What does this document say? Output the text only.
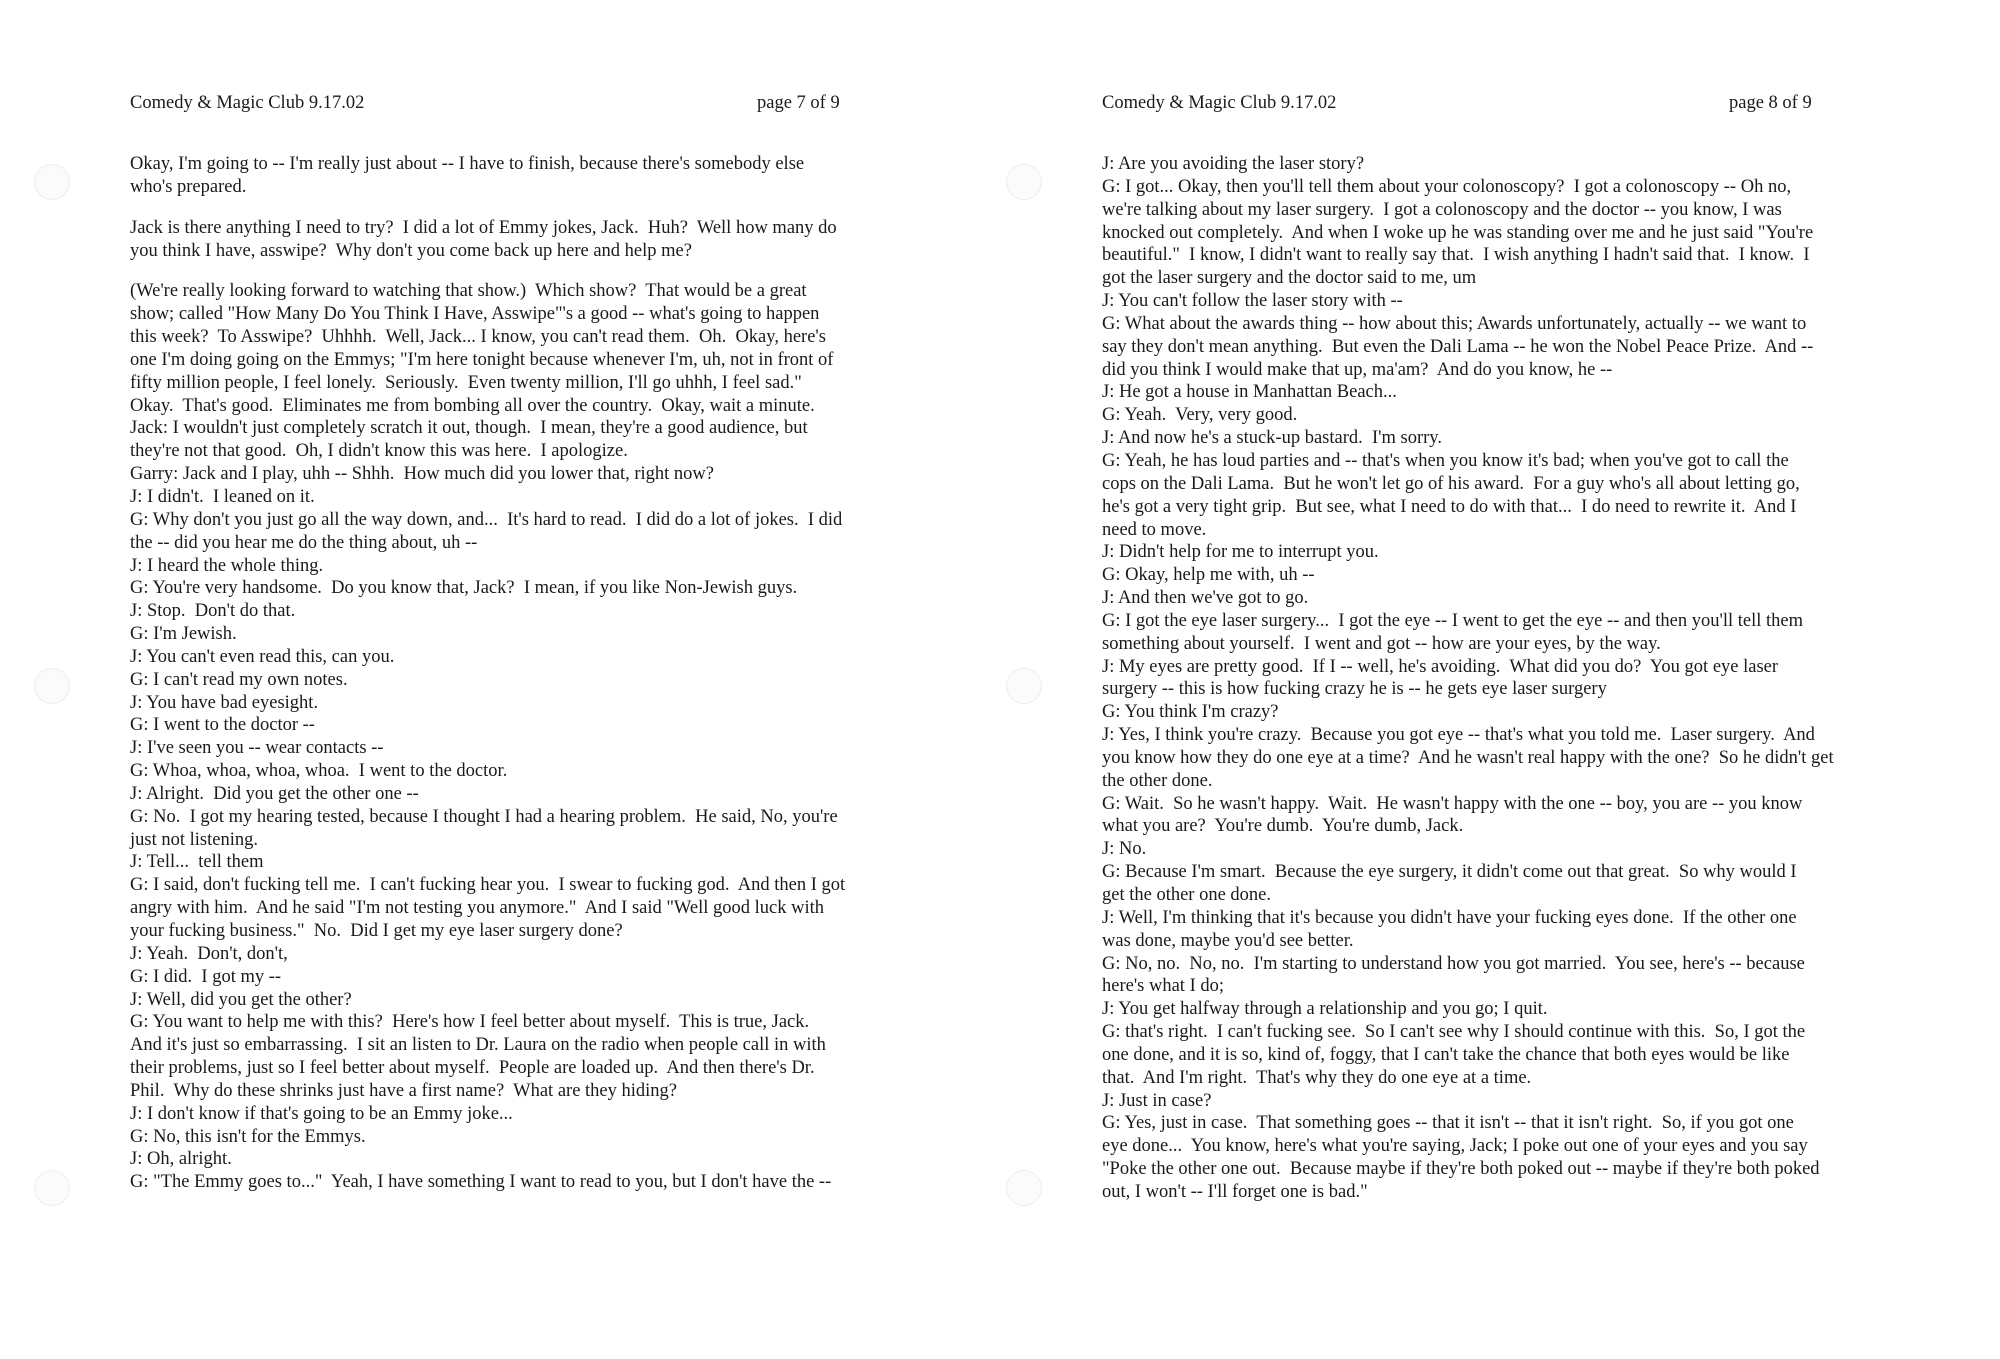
Comedy & Magic Club 9.17.02	page 7 of 9
Okay, I'm going to -- I'm really just about -- I have to finish, because there's somebody else
who's prepared.
Jack is there anything I need to try?  I did a lot of Emmy jokes, Jack.  Huh?  Well how many do
you think I have, asswipe?  Why don't you come back up here and help me?
(We're really looking forward to watching that show.)  Which show?  That would be a great
show; called "How Many Do You Think I Have, Asswipe"'s a good -- what's going to happen
this week?  To Asswipe?  Uhhhh.  Well, Jack... I know, you can't read them.  Oh.  Okay, here's
one I'm doing going on the Emmys; "I'm here tonight because whenever I'm, uh, not in front of
fifty million people, I feel lonely.  Seriously.  Even twenty million, I'll go uhhh, I feel sad."
Okay.  That's good.  Eliminates me from bombing all over the country.  Okay, wait a minute.
Jack: I wouldn't just completely scratch it out, though.  I mean, they're a good audience, but
they're not that good.  Oh, I didn't know this was here.  I apologize.
Garry: Jack and I play, uhh -- Shhh.  How much did you lower that, right now?
J: I didn't.  I leaned on it.
G: Why don't you just go all the way down, and...  It's hard to read.  I did do a lot of jokes.  I did
the -- did you hear me do the thing about, uh --
J: I heard the whole thing.
G: You're very handsome.  Do you know that, Jack?  I mean, if you like Non-Jewish guys.
J: Stop.  Don't do that.
G: I'm Jewish.
J: You can't even read this, can you.
G: I can't read my own notes.
J: You have bad eyesight.
G: I went to the doctor --
J: I've seen you -- wear contacts --
G: Whoa, whoa, whoa, whoa.  I went to the doctor.
J: Alright.  Did you get the other one --
G: No.  I got my hearing tested, because I thought I had a hearing problem.  He said, No, you're
just not listening.
J: Tell...  tell them
G: I said, don't fucking tell me.  I can't fucking hear you.  I swear to fucking god.  And then I got
angry with him.  And he said "I'm not testing you anymore."  And I said "Well good luck with
your fucking business."  No.  Did I get my eye laser surgery done?
J: Yeah.  Don't, don't,
G: I did.  I got my --
J: Well, did you get the other?
G: You want to help me with this?  Here's how I feel better about myself.  This is true, Jack.
And it's just so embarrassing.  I sit an listen to Dr. Laura on the radio when people call in with
their problems, just so I feel better about myself.  People are loaded up.  And then there's Dr.
Phil.  Why do these shrinks just have a first name?  What are they hiding?
J: I don't know if that's going to be an Emmy joke...
G: No, this isn't for the Emmys.
J: Oh, alright.
G: "The Emmy goes to..."  Yeah, I have something I want to read to you, but I don't have the --
Comedy & Magic Club 9.17.02	page 8 of 9
J: Are you avoiding the laser story?
G: I got... Okay, then you'll tell them about your colonoscopy?  I got a colonoscopy -- Oh no,
we're talking about my laser surgery.  I got a colonoscopy and the doctor -- you know, I was
knocked out completely.  And when I woke up he was standing over me and he just said "You're
beautiful."  I know, I didn't want to really say that.  I wish anything I hadn't said that.  I know.  I
got the laser surgery and the doctor said to me, um
J: You can't follow the laser story with --
G: What about the awards thing -- how about this; Awards unfortunately, actually -- we want to
say they don't mean anything.  But even the Dali Lama -- he won the Nobel Peace Prize.  And --
did you think I would make that up, ma'am?  And do you know, he --
J: He got a house in Manhattan Beach...
G: Yeah.  Very, very good.
J: And now he's a stuck-up bastard.  I'm sorry.
G: Yeah, he has loud parties and -- that's when you know it's bad; when you've got to call the
cops on the Dali Lama.  But he won't let go of his award.  For a guy who's all about letting go,
he's got a very tight grip.  But see, what I need to do with that...  I do need to rewrite it.  And I
need to move.
J: Didn't help for me to interrupt you.
G: Okay, help me with, uh --
J: And then we've got to go.
G: I got the eye laser surgery...  I got the eye -- I went to get the eye -- and then you'll tell them
something about yourself.  I went and got -- how are your eyes, by the way.
J: My eyes are pretty good.  If I -- well, he's avoiding.  What did you do?  You got eye laser
surgery -- this is how fucking crazy he is -- he gets eye laser surgery
G: You think I'm crazy?
J: Yes, I think you're crazy.  Because you got eye -- that's what you told me.  Laser surgery.  And
you know how they do one eye at a time?  And he wasn't real happy with the one?  So he didn't get
the other done.
G: Wait.  So he wasn't happy.  Wait.  He wasn't happy with the one -- boy, you are -- you know
what you are?  You're dumb.  You're dumb, Jack.
J: No.
G: Because I'm smart.  Because the eye surgery, it didn't come out that great.  So why would I
get the other one done.
J: Well, I'm thinking that it's because you didn't have your fucking eyes done.  If the other one
was done, maybe you'd see better.
G: No, no.  No, no.  I'm starting to understand how you got married.  You see, here's -- because
here's what I do;
J: You get halfway through a relationship and you go; I quit.
G: that's right.  I can't fucking see.  So I can't see why I should continue with this.  So, I got the
one done, and it is so, kind of, foggy, that I can't take the chance that both eyes would be like
that.  And I'm right.  That's why they do one eye at a time.
J: Just in case?
G: Yes, just in case.  That something goes -- that it isn't -- that it isn't right.  So, if you got one
eye done...  You know, here's what you're saying, Jack; I poke out one of your eyes and you say
"Poke the other one out.  Because maybe if they're both poked out -- maybe if they're both poked
out, I won't -- I'll forget one is bad."
